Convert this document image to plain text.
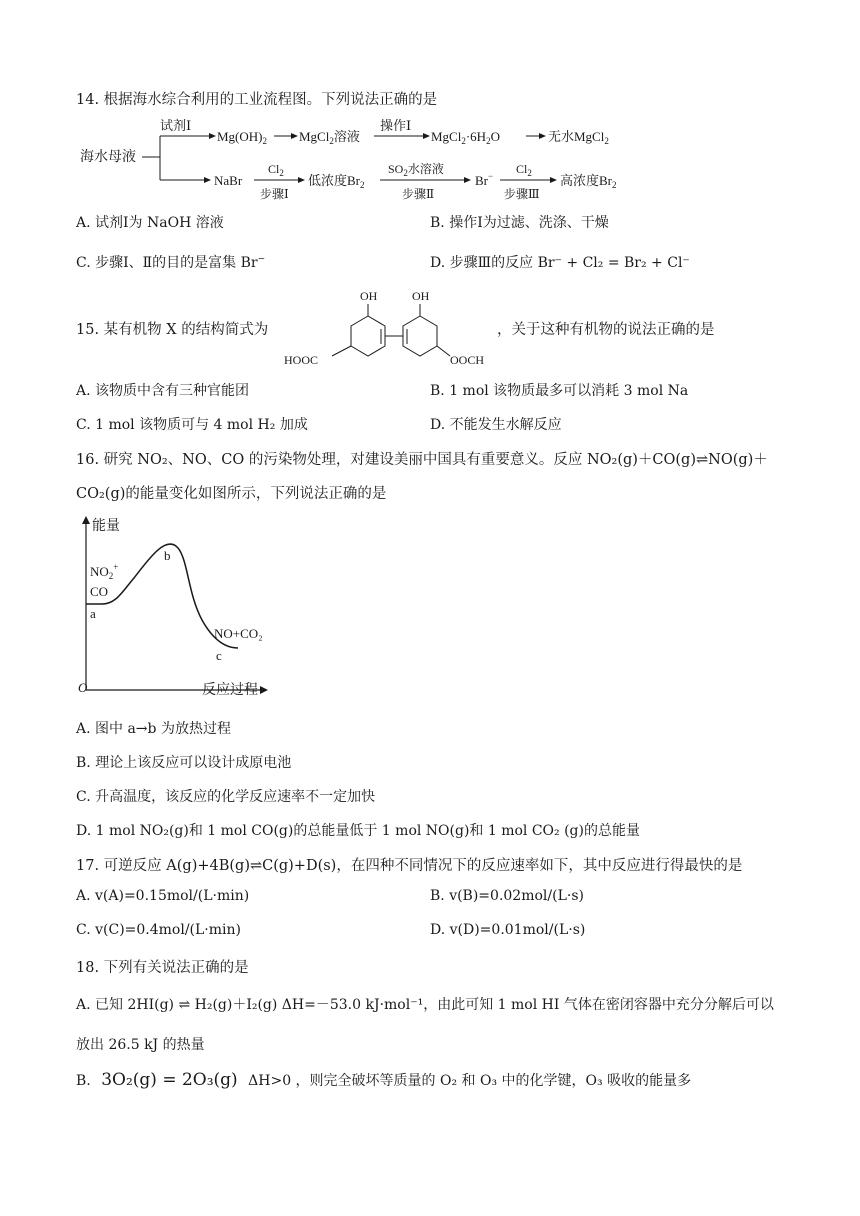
14. 根据海水综合利用的工业流程图。下列说法正确的是
海水母液
试剂Ⅰ
$Mg(OH)_2$ MgCl$_2$溶液
操作Ⅰ
$MgCl_2\cdot 6H_2O$	无水MgCl$_2$
NaBr
$Cl_2$
步骤Ⅰ
低浓度$Br_2$
$SO_2$水溶液
步骤Ⅱ
Br− $Cl_2$
步骤Ⅲ
高浓度$Br_2$
A. 试剂Ⅰ为 NaOH 溶液	B. 操作Ⅰ为过滤、洗涤、干燥
C. 步骤Ⅰ、Ⅱ的目的是富集 Br−	D. 步骤Ⅲ的反应 Br⁻ + Cl₂ = Br₂ + Cl⁻
15. 某有机物 X 的结构简式为
OH	OH
HOOC	OOCH
，关于这种有机物的说法正确的是
A. 该物质中含有三种官能团	B. 1 mol 该物质最多可以消耗 3 mol Na
C. 1 mol 该物质可与 4 mol H₂ 加成	D. 不能发生水解反应
16. 研究 NO₂、NO、CO 的污染物处理，对建设美丽中国具有重要意义。反应 NO₂(g)＋CO(g)⇌NO(g)＋
CO₂(g)的能量变化如图所示，下列说法正确的是
能量
O	反应过程
$NO_2^+$
CO
a
b
NO+CO₂
c
A. 图中 a→b 为放热过程
B. 理论上该反应可以设计成原电池
C. 升高温度，该反应的化学反应速率不一定加快
D. 1 mol NO₂(g)和 1 mol CO(g)的总能量低于 1 mol NO(g)和 1 mol CO₂ (g)的总能量
17. 可逆反应 A(g)+4B(g)⇌C(g)+D(s)，在四种不同情况下的反应速率如下，其中反应进行得最快的是
A. v(A)=0.15mol/(L·min)	B. v(B)=0.02mol/(L·s)
C. v(C)=0.4mol/(L·min)	D. v(D)=0.01mol/(L·s)
18. 下列有关说法正确的是
A. 已知 2HI(g) ⇌ H₂(g)＋I₂(g) ΔH=－53.0 kJ·mol⁻¹，由此可知 1 mol HI 气体在密闭容器中充分分解后可以
放出 26.5 kJ 的热量
B. 3O₂(g) = 2O₃(g) ΔH>0 ，则完全破坏等质量的 O₂ 和 O₃ 中的化学键，O₃ 吸收的能量多
